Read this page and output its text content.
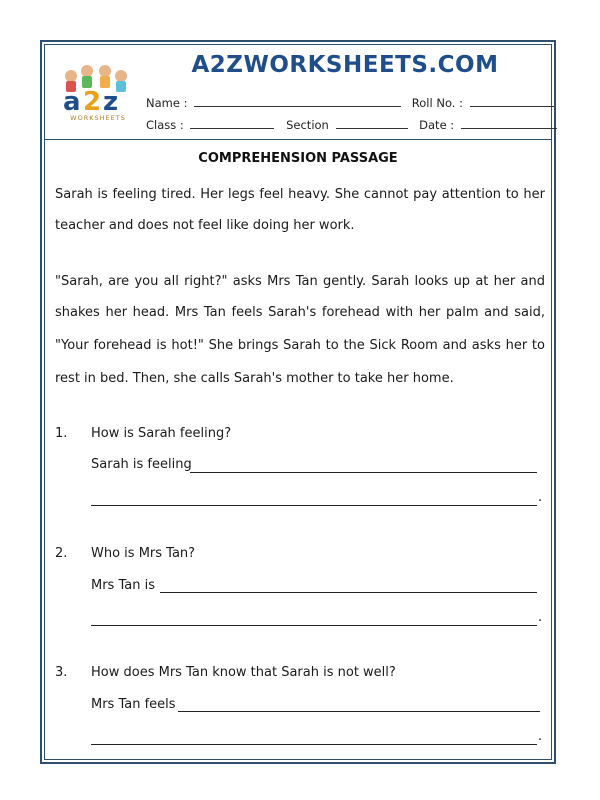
a 2 z
WORKSHEETS
A2ZWORKSHEETS.COM
Name :	Roll No. :
Class :	Section	Date :
COMPREHENSION PASSAGE
Sarah is feeling tired. Her legs feel heavy. She cannot pay attention to her
teacher and does not feel like doing her work.
"Sarah, are you all right?" asks Mrs Tan gently. Sarah looks up at her and
shakes her head. Mrs Tan feels Sarah's forehead with her palm and said,
"Your forehead is hot!" She brings Sarah to the Sick Room and asks her to
rest in bed. Then, she calls Sarah's mother to take her home.
1. How is Sarah feeling?
Sarah is feeling
.
2. Who is Mrs Tan?
Mrs Tan is
.
3. How does Mrs Tan know that Sarah is not well?
Mrs Tan feels
.
